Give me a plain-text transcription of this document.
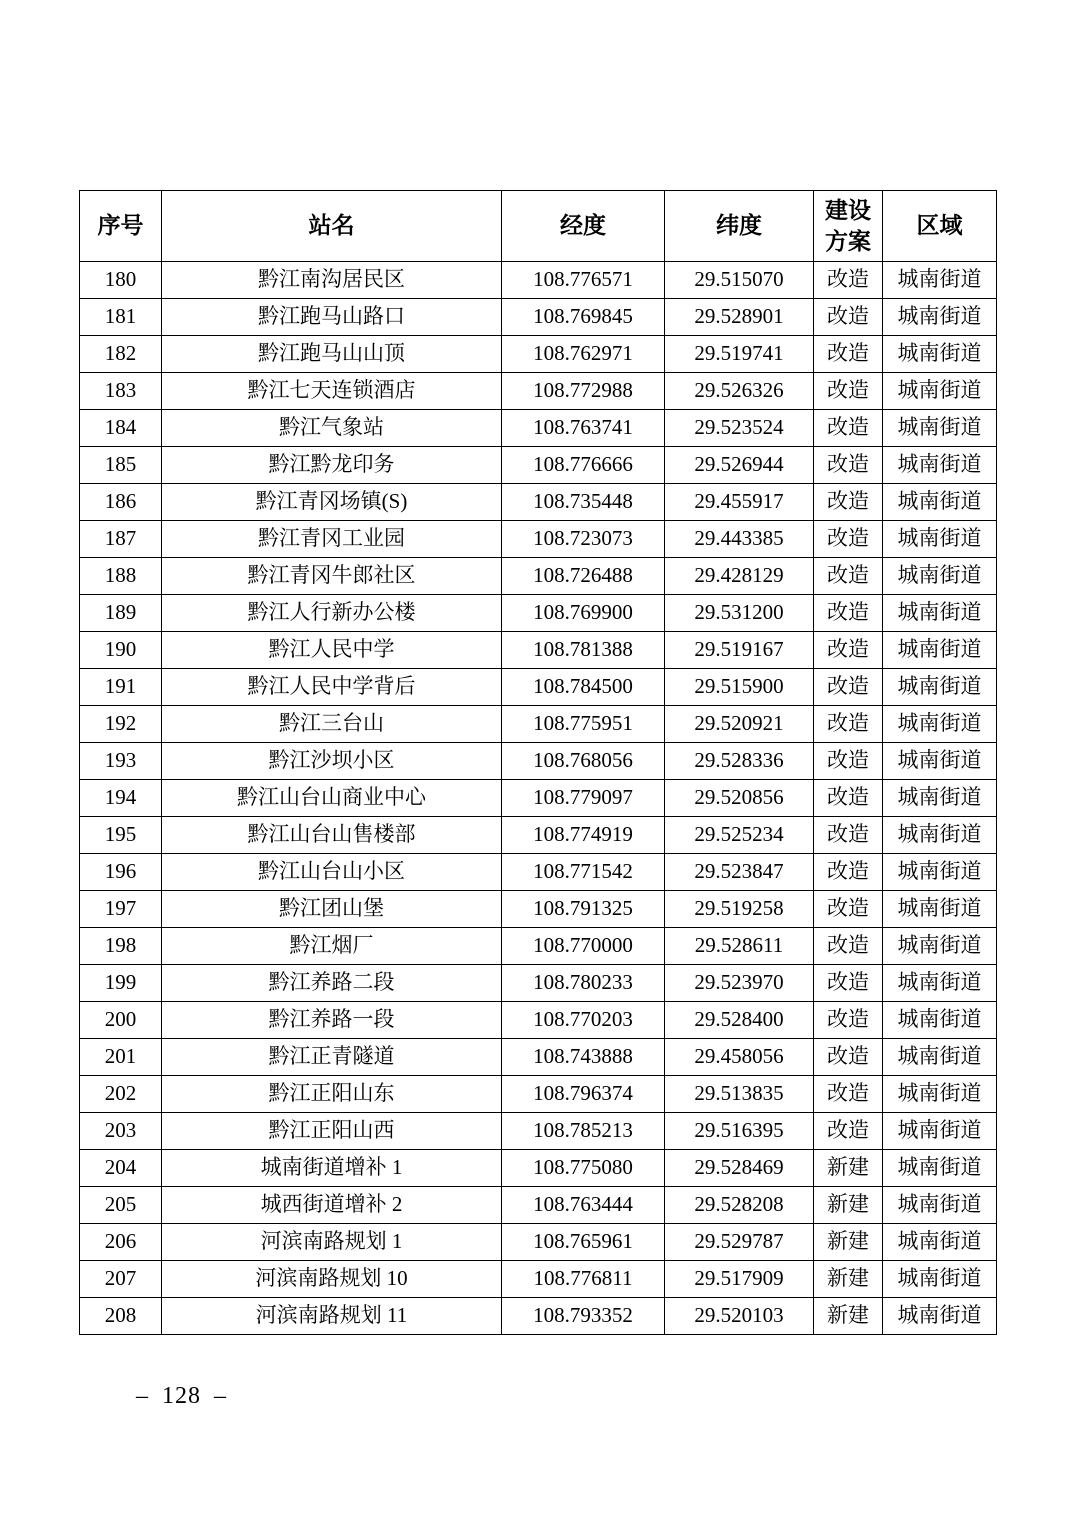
序号	站名	经度	纬度	建设方案	区域
180	黔江南沟居民区	108.776571	29.515070	改造	城南街道
181	黔江跑马山路口	108.769845	29.528901	改造	城南街道
182	黔江跑马山山顶	108.762971	29.519741	改造	城南街道
183	黔江七天连锁酒店	108.772988	29.526326	改造	城南街道
184	黔江气象站	108.763741	29.523524	改造	城南街道
185	黔江黔龙印务	108.776666	29.526944	改造	城南街道
186	黔江青冈场镇(S)	108.735448	29.455917	改造	城南街道
187	黔江青冈工业园	108.723073	29.443385	改造	城南街道
188	黔江青冈牛郎社区	108.726488	29.428129	改造	城南街道
189	黔江人行新办公楼	108.769900	29.531200	改造	城南街道
190	黔江人民中学	108.781388	29.519167	改造	城南街道
191	黔江人民中学背后	108.784500	29.515900	改造	城南街道
192	黔江三台山	108.775951	29.520921	改造	城南街道
193	黔江沙坝小区	108.768056	29.528336	改造	城南街道
194	黔江山台山商业中心	108.779097	29.520856	改造	城南街道
195	黔江山台山售楼部	108.774919	29.525234	改造	城南街道
196	黔江山台山小区	108.771542	29.523847	改造	城南街道
197	黔江团山堡	108.791325	29.519258	改造	城南街道
198	黔江烟厂	108.770000	29.528611	改造	城南街道
199	黔江养路二段	108.780233	29.523970	改造	城南街道
200	黔江养路一段	108.770203	29.528400	改造	城南街道
201	黔江正青隧道	108.743888	29.458056	改造	城南街道
202	黔江正阳山东	108.796374	29.513835	改造	城南街道
203	黔江正阳山西	108.785213	29.516395	改造	城南街道
204	城南街道增补 1	108.775080	29.528469	新建	城南街道
205	城西街道增补 2	108.763444	29.528208	新建	城南街道
206	河滨南路规划 1	108.765961	29.529787	新建	城南街道
207	河滨南路规划 10	108.776811	29.517909	新建	城南街道
208	河滨南路规划 11	108.793352	29.520103	新建	城南街道
– 128 –
